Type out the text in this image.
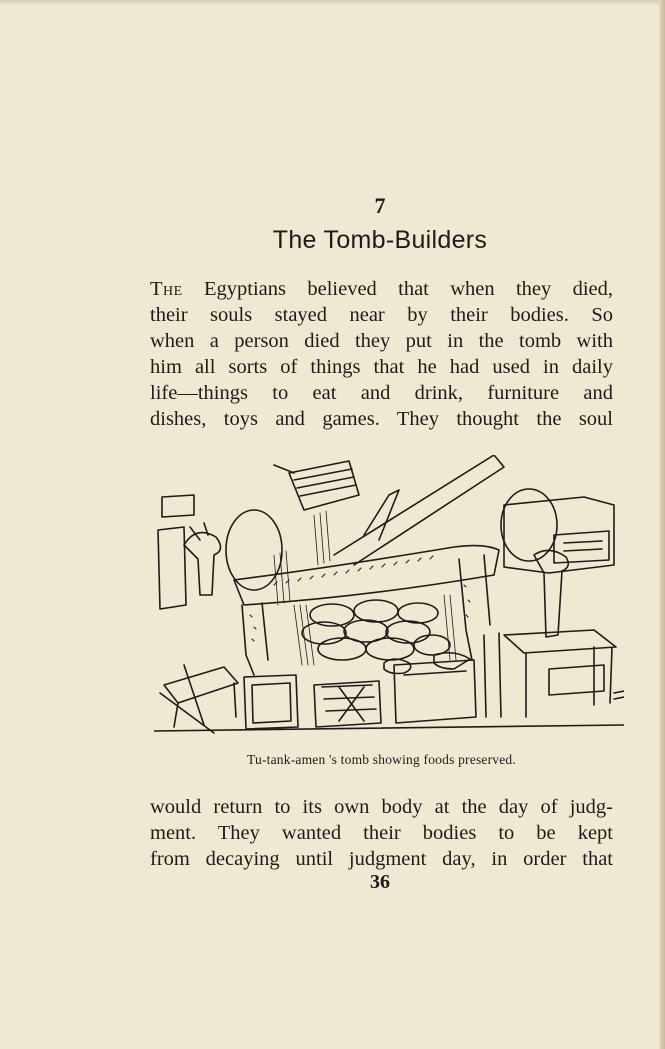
7
The Tomb-Builders
The Egyptians believed that when they died,
their souls stayed near by their bodies. So
when a person died they put in the tomb with
him all sorts of things that he had used in daily
life—things to eat and drink, furniture and
dishes, toys and games. They thought the soul
Tu-tank-amen 's tomb showing foods preserved.
would return to its own body at the day of judg-
ment. They wanted their bodies to be kept
from decaying until judgment day, in order that
36
